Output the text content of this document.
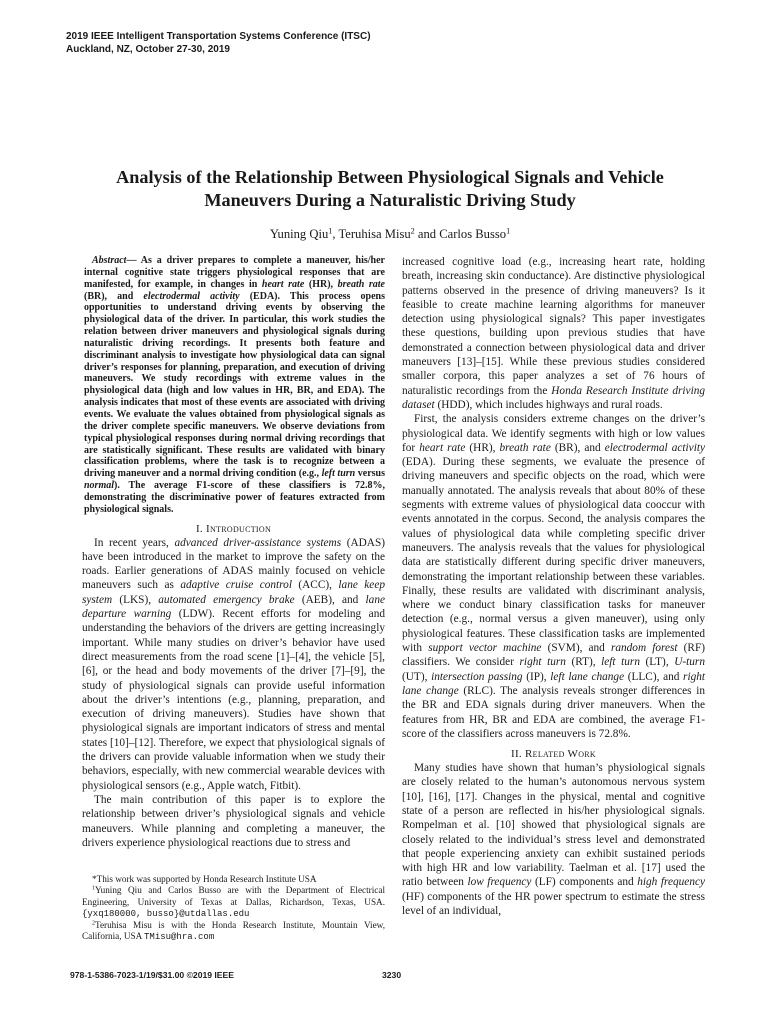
2019 IEEE Intelligent Transportation Systems Conference (ITSC)
Auckland, NZ, October 27-30, 2019
Analysis of the Relationship Between Physiological Signals and Vehicle
Maneuvers During a Naturalistic Driving Study
Yuning Qiu$^1$, Teruhisa Misu$^2$ and Carlos Busso$^1$

Abstract— As a driver prepares to complete a maneuver, his/her internal cognitive state triggers physiological responses that are manifested, for example, in changes in heart rate (HR), breath rate (BR), and electrodermal activity (EDA). This process opens opportunities to understand driving events by observing the physiological data of the driver. In particular, this work studies the relation between driver maneuvers and physiological signals during naturalistic driving recordings. It presents both feature and discriminant analysis to investigate how physiological data can signal driver’s responses for planning, preparation, and execution of driving maneuvers. We study recordings with extreme values in the physiological data (high and low values in HR, BR, and EDA). The analysis indicates that most of these events are associated with driving events. We evaluate the values obtained from physiological signals as the driver complete specific maneuvers. We observe deviations from typical physiological responses during normal driving recordings that are statistically significant. These results are validated with binary classification problems, where the task is to recognize between a driving maneuver and a normal driving condition (e.g., left turn versus normal). The average F1-score of these classifiers is 72.8%, demonstrating the discriminative power of features extracted from physiological signals.

I. Introduction

In recent years, advanced driver-assistance systems (ADAS) have been introduced in the market to improve the safety on the roads. Earlier generations of ADAS mainly focused on vehicle maneuvers such as adaptive cruise control (ACC), lane keep system (LKS), automated emergency brake (AEB), and lane departure warning (LDW). Recent efforts for modeling and understanding the behaviors of the drivers are getting increasingly important. While many studies on driver’s behavior have used direct measurements from the road scene [1]–[4], the vehicle [5], [6], or the head and body movements of the driver [7]–[9], the study of physiological signals can provide useful information about the driver’s intentions (e.g., planning, preparation, and execution of driving maneuvers). Studies have shown that physiological signals are important indicators of stress and mental states [10]–[12]. Therefore, we expect that physiological signals of the drivers can provide valuable information when we study their behaviors, especially, with new commercial wearable devices with physiological sensors (e.g., Apple watch, Fitbit).

The main contribution of this paper is to explore the relationship between driver’s physiological signals and vehicle maneuvers. While planning and completing a maneuver, the drivers experience physiological reactions due to stress and

*This work was supported by Honda Research Institute USA
$^1$Yuning Qiu and Carlos Busso are with the Department of Electrical Engineering, University of Texas at Dallas, Richardson, Texas, USA. {yxq180000, busso}@utdallas.edu
$^2$Teruhisa Misu is with the Honda Research Institute, Mountain View, California, USA TMisu@hra.com

increased cognitive load (e.g., increasing heart rate, holding breath, increasing skin conductance). Are distinctive physiological patterns observed in the presence of driving maneuvers? Is it feasible to create machine learning algorithms for maneuver detection using physiological signals? This paper investigates these questions, building upon previous studies that have demonstrated a connection between physiological data and driver maneuvers [13]–[15]. While these previous studies considered smaller corpora, this paper analyzes a set of 76 hours of naturalistic recordings from the Honda Research Institute driving dataset (HDD), which includes highways and rural roads.

First, the analysis considers extreme changes on the driver’s physiological data. We identify segments with high or low values for heart rate (HR), breath rate (BR), and electrodermal activity (EDA). During these segments, we evaluate the presence of driving maneuvers and specific objects on the road, which were manually annotated. The analysis reveals that about 80% of these segments with extreme values of physiological data cooccur with events annotated in the corpus. Second, the analysis compares the values of physiological data while completing specific driver maneuvers. The analysis reveals that the values for physiological data are statistically different during specific driver maneuvers, demonstrating the important relationship between these variables. Finally, these results are validated with discriminant analysis, where we conduct binary classification tasks for maneuver detection (e.g., normal versus a given maneuver), using only physiological features. These classification tasks are implemented with support vector machine (SVM), and random forest (RF) classifiers. We consider right turn (RT), left turn (LT), U-turn (UT), intersection passing (IP), left lane change (LLC), and right lane change (RLC). The analysis reveals stronger differences in the BR and EDA signals during driver maneuvers. When the features from HR, BR and EDA are combined, the average F1-score of the classifiers across maneuvers is 72.8%.

II. Related Work

Many studies have shown that human’s physiological signals are closely related to the human’s autonomous nervous system [10], [16], [17]. Changes in the physical, mental and cognitive state of a person are reflected in his/her physiological signals. Rompelman et al. [10] showed that physiological signals are closely related to the individual’s stress level and demonstrated that people experiencing anxiety can exhibit sustained periods with high HR and low variability. Taelman et al. [17] used the ratio between low frequency (LF) components and high frequency (HF) components of the HR power spectrum to estimate the stress level of an individual,

978-1-5386-7023-1/19/$31.00 ©2019 IEEE	3230
